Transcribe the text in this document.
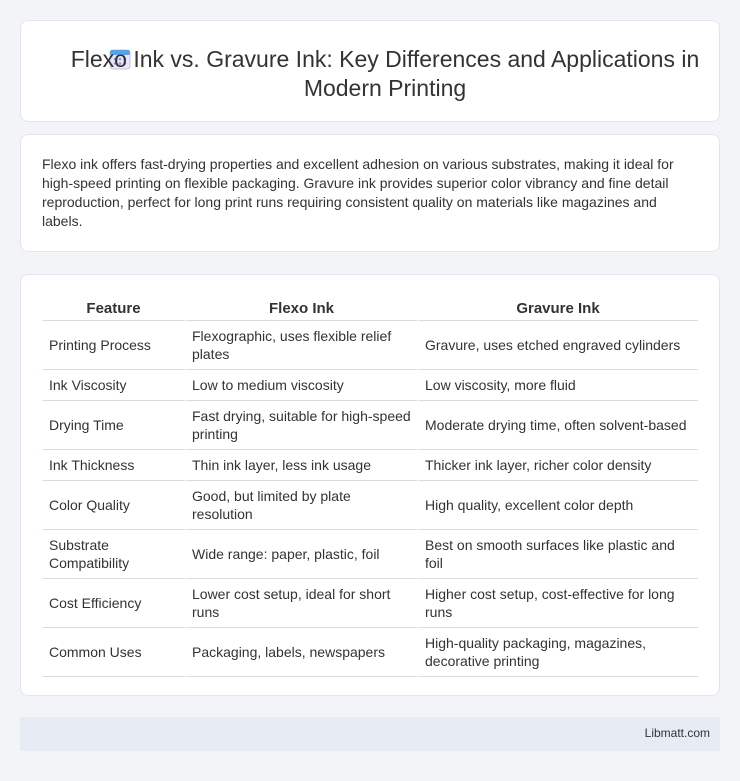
Flexo Ink vs. Gravure Ink: Key Differences and Applications in Modern Printing

Flexo ink offers fast-drying properties and excellent adhesion on various substrates, making it ideal for high-speed printing on flexible packaging. Gravure ink provides superior color vibrancy and fine detail reproduction, perfect for long print runs requiring consistent quality on materials like magazines and labels.

Feature	Flexo Ink	Gravure Ink
Printing Process	Flexographic, uses flexible relief plates	Gravure, uses etched engraved cylinders
Ink Viscosity	Low to medium viscosity	Low viscosity, more fluid
Drying Time	Fast drying, suitable for high-speed printing	Moderate drying time, often solvent-based
Ink Thickness	Thin ink layer, less ink usage	Thicker ink layer, richer color density
Color Quality	Good, but limited by plate resolution	High quality, excellent color depth
Substrate Compatibility	Wide range: paper, plastic, foil	Best on smooth surfaces like plastic and foil
Cost Efficiency	Lower cost setup, ideal for short runs	Higher cost setup, cost-effective for long runs
Common Uses	Packaging, labels, newspapers	High-quality packaging, magazines, decorative printing
Libmatt.com
